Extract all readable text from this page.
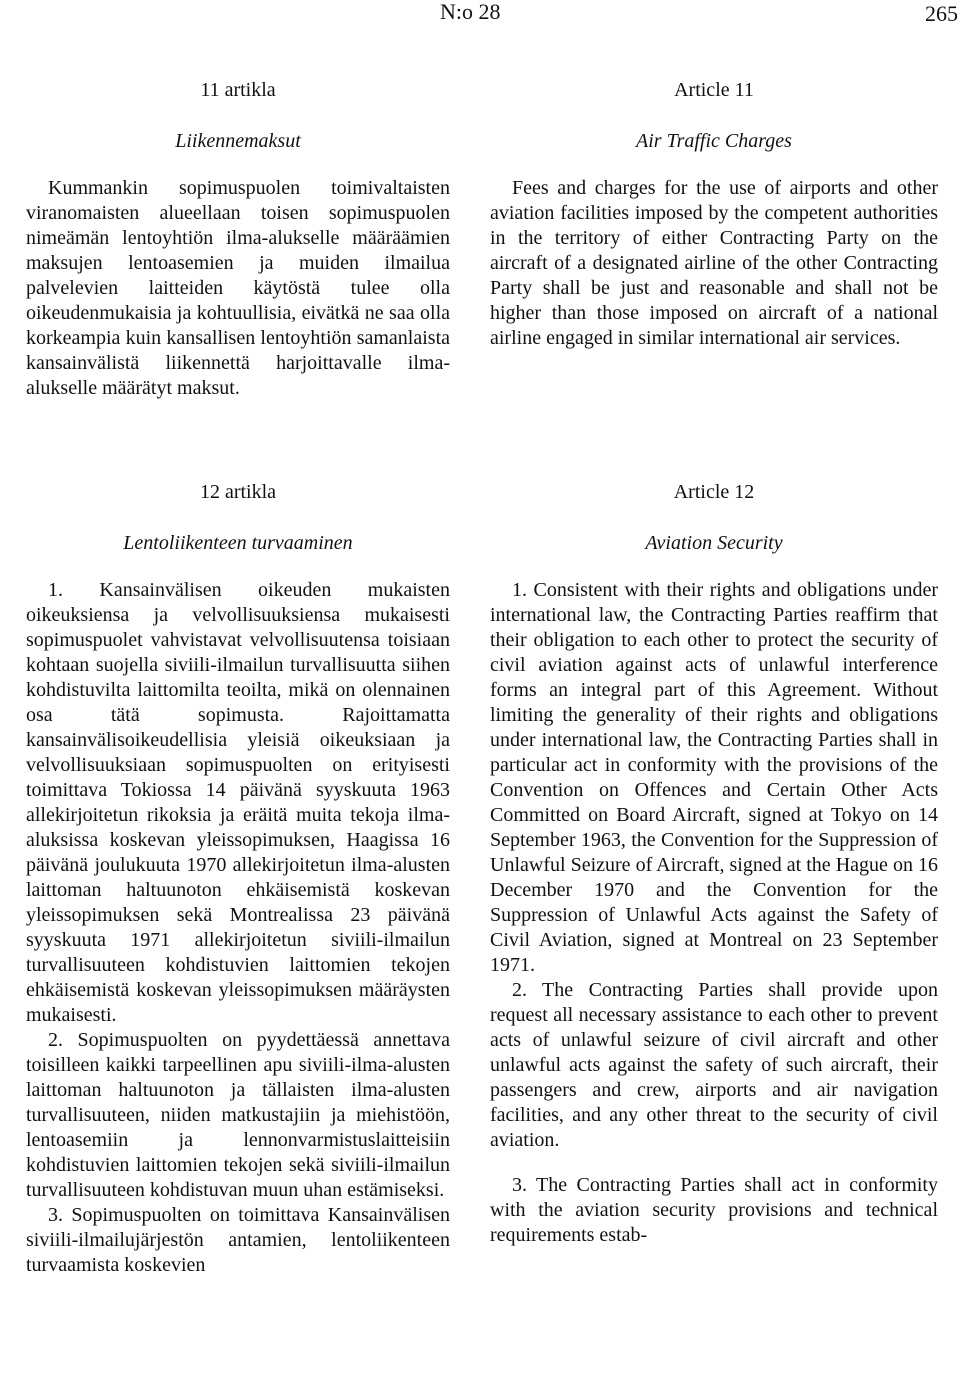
N:o 28	265
11 artikla
Liikennemaksut

Kummankin sopimuspuolen toimivaltaisten viranomaisten alueellaan toisen sopimuspuolen nimeämän lentoyhtiön ilma-alukselle määräämien maksujen lentoasemien ja muiden ilmailua palvelevien laitteiden käytöstä tulee olla oikeudenmukaisia ja kohtuullisia, eivätkä ne saa olla korkeampia kuin kansallisen lentoyhtiön samanlaista kansainvälistä liikennettä harjoittavalle ilma-alukselle määrätyt maksut.

Article 11
Air Traffic Charges

Fees and charges for the use of airports and other aviation facilities imposed by the competent authorities in the territory of either Contracting Party on the aircraft of a designated airline of the other Contracting Party shall be just and reasonable and shall not be higher than those imposed on aircraft of a national airline engaged in similar international air services.

12 artikla
Lentoliikenteen turvaaminen

1. Kansainvälisen oikeuden mukaisten oikeuksiensa ja velvollisuuksiensa mukaisesti sopimuspuolet vahvistavat velvollisuutensa toisiaan kohtaan suojella siviili-ilmailun turvallisuutta siihen kohdistuvilta laittomilta teoilta, mikä on olennainen osa tätä sopimusta. Rajoittamatta kansainvälisoikeudellisia yleisiä oikeuksiaan ja velvollisuuksiaan sopimuspuolten on erityisesti toimittava Tokiossa 14 päivänä syyskuuta 1963 allekirjoitetun rikoksia ja eräitä muita tekoja ilma-aluksissa koskevan yleissopimuksen, Haagissa 16 päivänä joulukuuta 1970 allekirjoitetun ilma-alusten laittoman haltuunoton ehkäisemistä koskevan yleissopimuksen sekä Montrealissa 23 päivänä syyskuuta 1971 allekirjoitetun siviili-ilmailun turvallisuuteen kohdistuvien laittomien tekojen ehkäisemistä koskevan yleissopimuksen määräysten mukaisesti.

2. Sopimuspuolten on pyydettäessä annettava toisilleen kaikki tarpeellinen apu siviili-ilma-alusten laittoman haltuunoton ja tällaisten ilma-alusten turvallisuuteen, niiden matkustajiin ja miehistöön, lentoasemiin ja lennonvarmistuslaitteisiin kohdistuvien laittomien tekojen sekä siviili-ilmailun turvallisuuteen kohdistuvan muun uhan estämiseksi.

3. Sopimuspuolten on toimittava Kansainvälisen siviili-ilmailujärjestön antamien, lentoliikenteen turvaamista koskevien

Article 12
Aviation Security

1. Consistent with their rights and obligations under international law, the Contracting Parties reaffirm that their obligation to each other to protect the security of civil aviation against acts of unlawful interference forms an integral part of this Agreement. Without limiting the generality of their rights and obligations under international law, the Contracting Parties shall in particular act in conformity with the provisions of the Convention on Offences and Certain Other Acts Committed on Board Aircraft, signed at Tokyo on 14 September 1963, the Convention for the Suppression of Unlawful Seizure of Aircraft, signed at the Hague on 16 December 1970 and the Convention for the Suppression of Unlawful Acts against the Safety of Civil Aviation, signed at Montreal on 23 September 1971.

2. The Contracting Parties shall provide upon request all necessary assistance to each other to prevent acts of unlawful seizure of civil aircraft and other unlawful acts against the safety of such aircraft, their passengers and crew, airports and air navigation facilities, and any other threat to the security of civil aviation.

3. The Contracting Parties shall act in conformity with the aviation security provisions and technical requirements estab-
